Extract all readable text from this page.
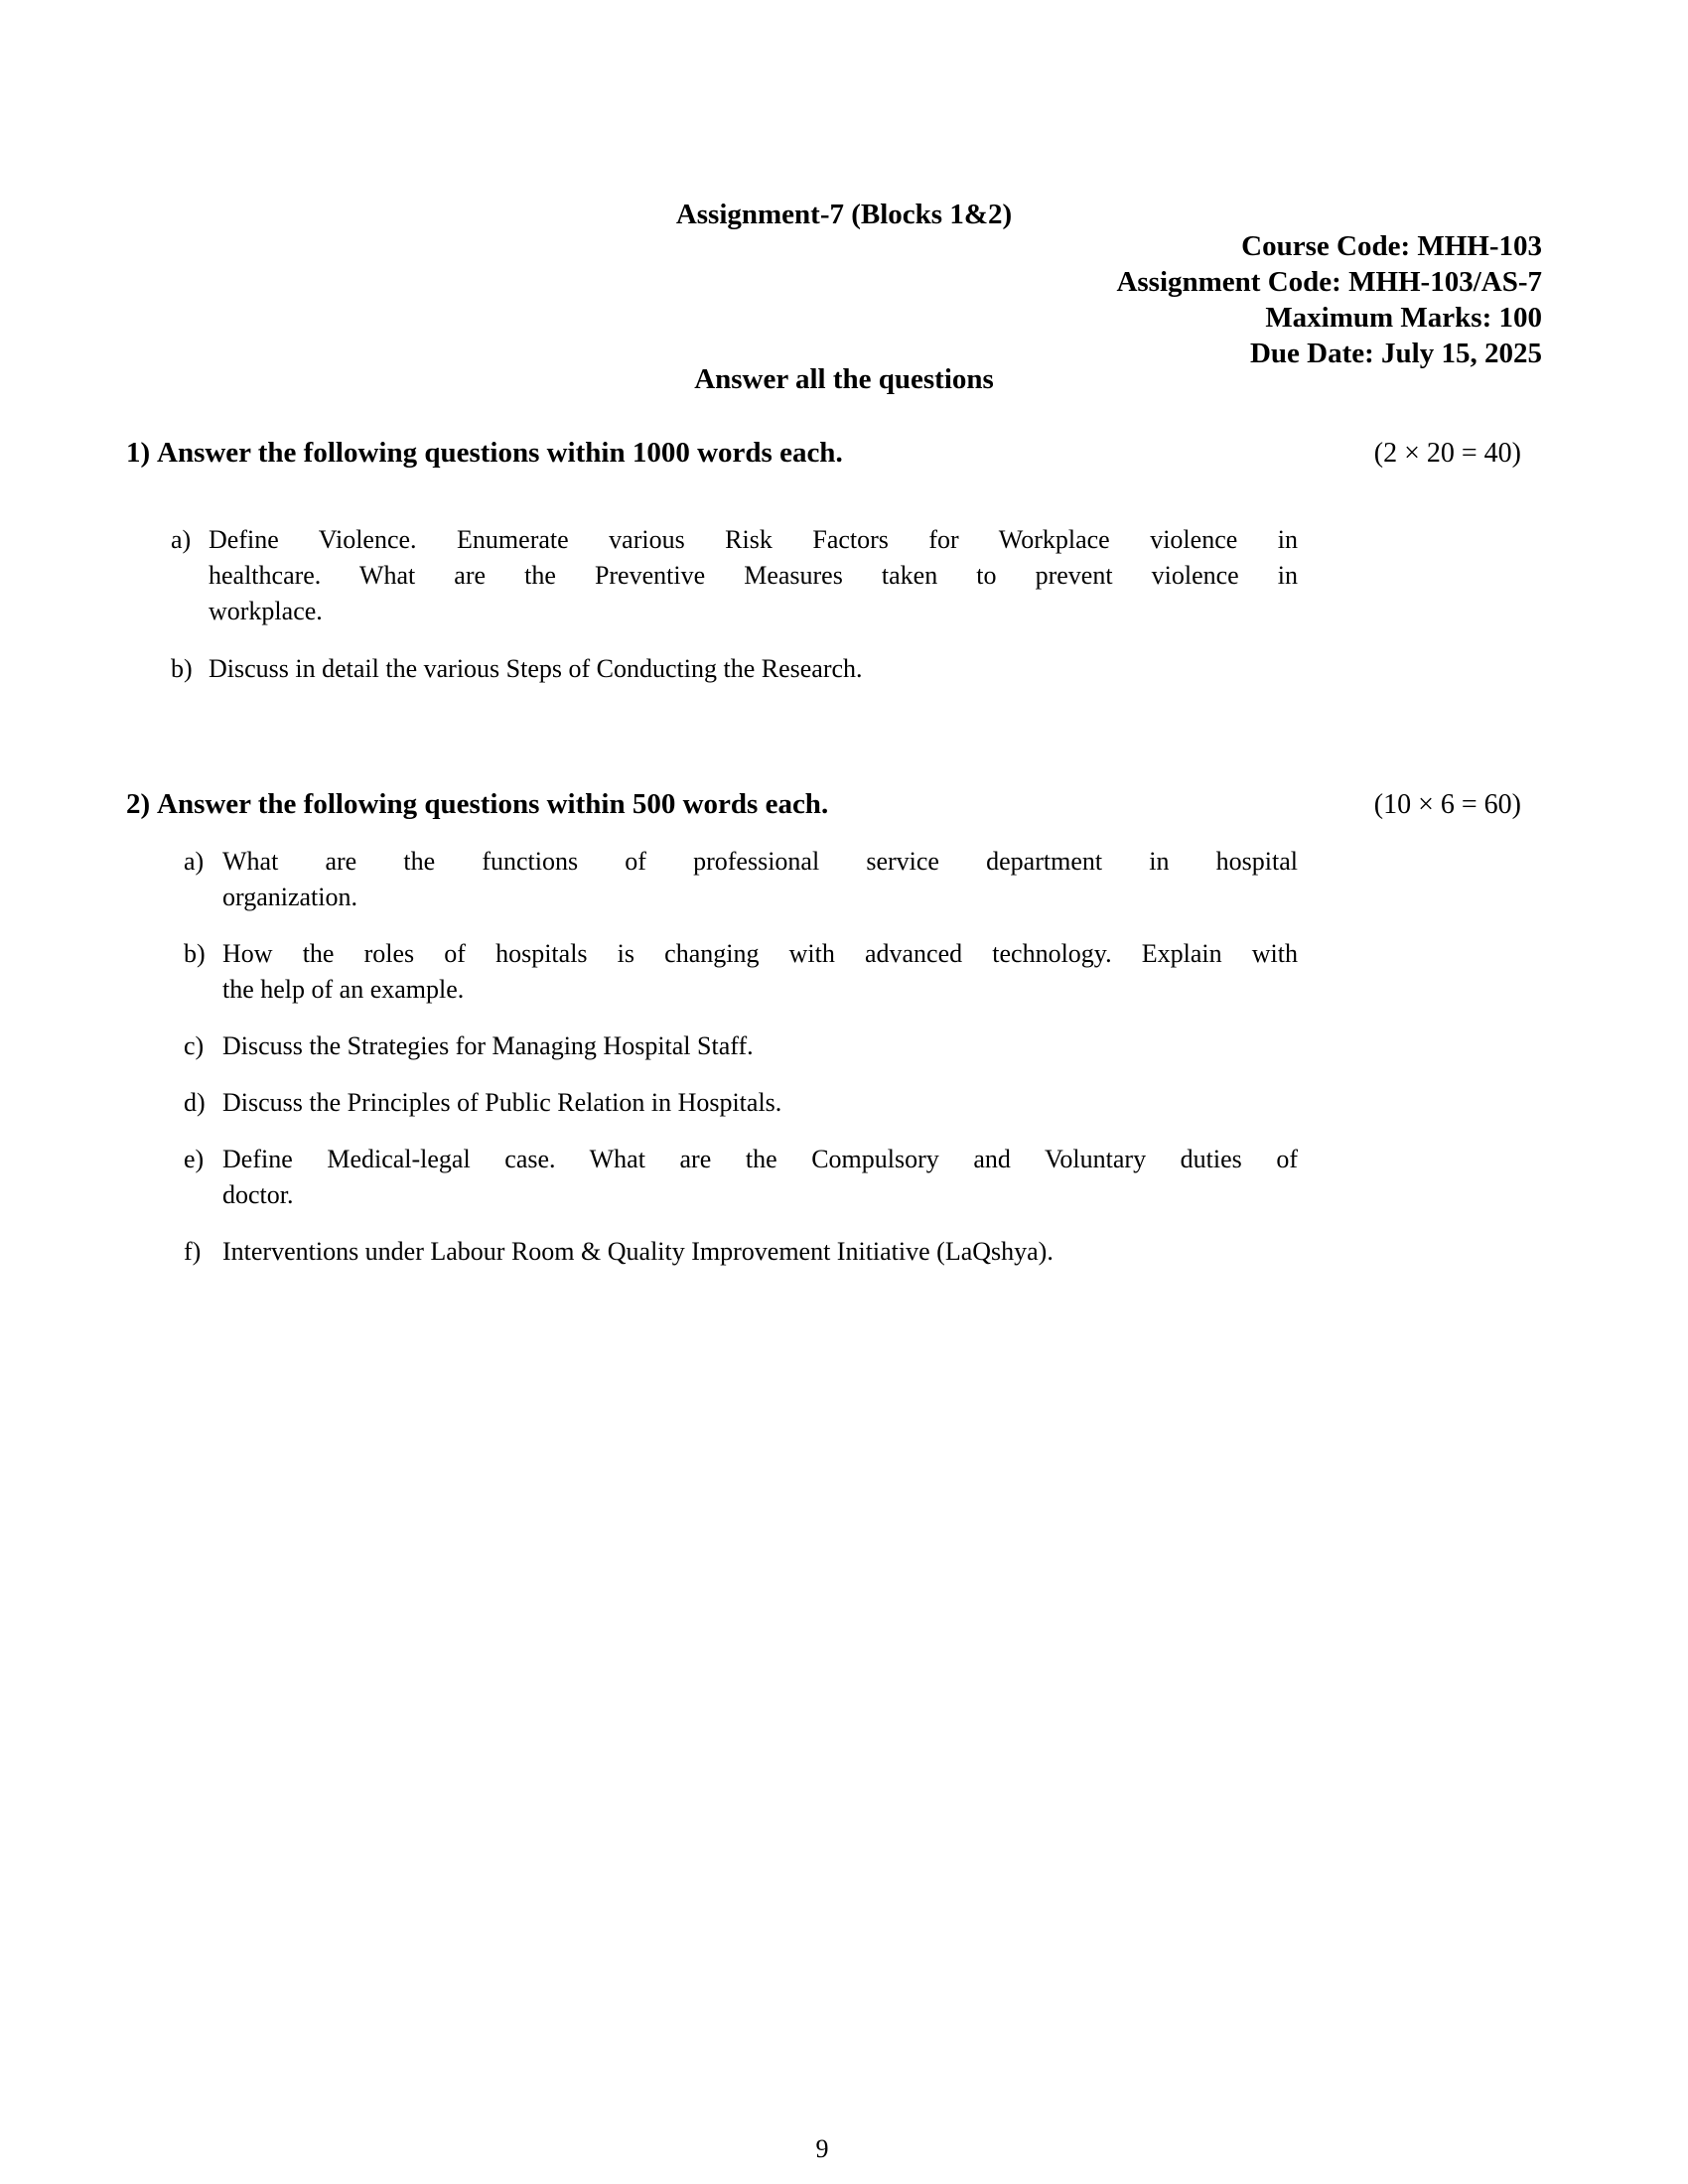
Assignment-7 (Blocks 1&2)
Course Code: MHH-103
Assignment Code: MHH-103/AS-7
Maximum Marks: 100
Due Date: July 15, 2025
Answer all the questions
1) Answer the following questions within 1000 words each.	(2 × 20 = 40)
a) Define Violence. Enumerate various Risk Factors for Workplace violence in
healthcare. What are the Preventive Measures taken to prevent violence in
workplace.
b) Discuss in detail the various Steps of Conducting the Research.
2) Answer the following questions within 500 words each.	(10 × 6 = 60)
a) What are the functions of professional service department in hospital
organization.
b) How the roles of hospitals is changing with advanced technology. Explain with
the help of an example.
c) Discuss the Strategies for Managing Hospital Staff.
d) Discuss the Principles of Public Relation in Hospitals.
e) Define Medical-legal case. What are the Compulsory and Voluntary duties of
doctor.
f) Interventions under Labour Room & Quality Improvement Initiative (LaQshya).
9
